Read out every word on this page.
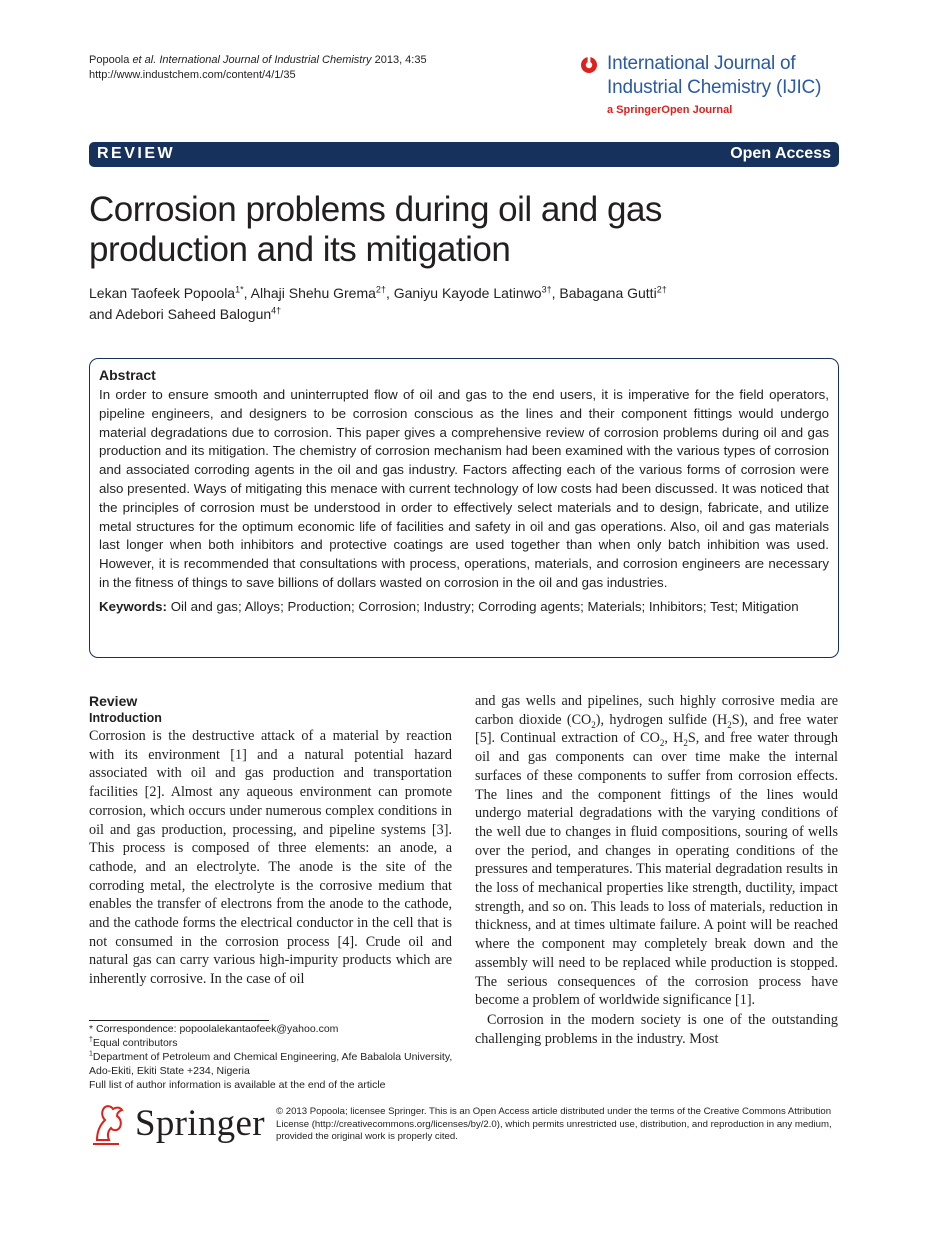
Popoola et al. International Journal of Industrial Chemistry 2013, 4:35
http://www.industchem.com/content/4/1/35
International Journal of
Industrial Chemistry (IJIC)
a SpringerOpen Journal
REVIEW	Open Access
Corrosion problems during oil and gas
production and its mitigation
Lekan Taofeek Popoola$^{1*}$, Alhaji Shehu Grema$^{2\dagger}$, Ganiyu Kayode Latinwo$^{3\dagger}$, Babagana Gutti$^{2\dagger}$
and Adebori Saheed Balogun$^{4\dagger}$
Abstract

In order to ensure smooth and uninterrupted flow of oil and gas to the end users, it is imperative for the field operators, pipeline engineers, and designers to be corrosion conscious as the lines and their component fittings would undergo material degradations due to corrosion. This paper gives a comprehensive review of corrosion problems during oil and gas production and its mitigation. The chemistry of corrosion mechanism had been examined with the various types of corrosion and associated corroding agents in the oil and gas industry. Factors affecting each of the various forms of corrosion were also presented. Ways of mitigating this menace with current technology of low costs had been discussed. It was noticed that the principles of corrosion must be understood in order to effectively select materials and to design, fabricate, and utilize metal structures for the optimum economic life of facilities and safety in oil and gas operations. Also, oil and gas materials last longer when both inhibitors and protective coatings are used together than when only batch inhibition was used. However, it is recommended that consultations with process, operations, materials, and corrosion engineers are necessary in the fitness of things to save billions of dollars wasted on corrosion in the oil and gas industries.

Keywords: Oil and gas; Alloys; Production; Corrosion; Industry; Corroding agents; Materials; Inhibitors; Test; Mitigation
Review
Introduction

Corrosion is the destructive attack of a material by reaction with its environment [1] and a natural potential hazard associated with oil and gas production and transportation facilities [2]. Almost any aqueous environment can promote corrosion, which occurs under numerous complex conditions in oil and gas production, processing, and pipeline systems [3]. This process is composed of three elements: an anode, a cathode, and an electrolyte. The anode is the site of the corroding metal, the electrolyte is the corrosive medium that enables the transfer of electrons from the anode to the cathode, and the cathode forms the electrical conductor in the cell that is not consumed in the corrosion process [4]. Crude oil and natural gas can carry various high-impurity products which are inherently corrosive. In the case of oil

and gas wells and pipelines, such highly corrosive media are carbon dioxide $(CO_2)$, hydrogen sulfide $(H_2S)$, and free water [5]. Continual extraction of $CO_2$, $H_2S$, and free water through oil and gas components can over time make the internal surfaces of these components to suffer from corrosion effects. The lines and the component fittings of the lines would undergo material degradations with the varying conditions of the well due to changes in fluid compositions, souring of wells over the period, and changes in operating conditions of the pressures and temperatures. This material degradation results in the loss of mechanical properties like strength, ductility, impact strength, and so on. This leads to loss of materials, reduction in thickness, and at times ultimate failure. A point will be reached where the component may completely break down and the assembly will need to be replaced while production is stopped. The serious consequences of the corrosion process have become a problem of worldwide significance [1].

Corrosion in the modern society is one of the outstanding challenging problems in the industry. Most

* Correspondence: popoolalekantaofeek@yahoo.com
†Equal contributors
$^1$Department of Petroleum and Chemical Engineering, Afe Babalola University, Ado-Ekiti, Ekiti State +234, Nigeria
Full list of author information is available at the end of the article
Springer © 2013 Popoola; licensee Springer. This is an Open Access article distributed under the terms of the Creative Commons Attribution License (http://creativecommons.org/licenses/by/2.0), which permits unrestricted use, distribution, and reproduction in any medium, provided the original work is properly cited.
